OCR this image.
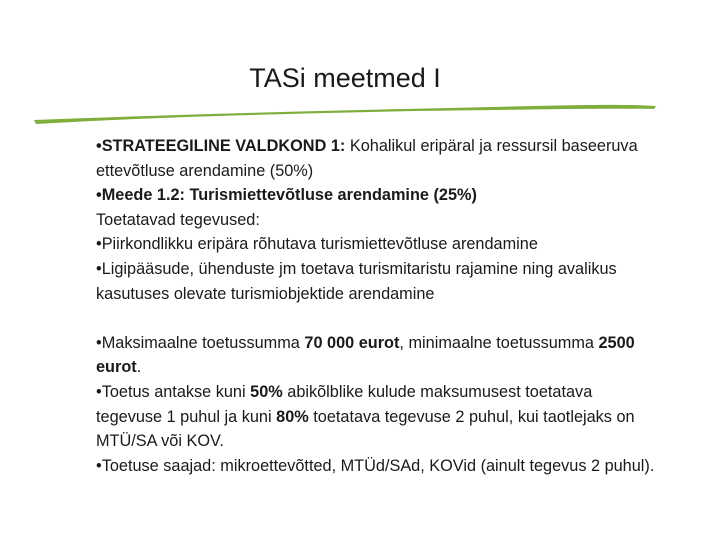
TASi meetmed I

•STRATEEGILINE VALDKOND 1: Kohalikul eripäral ja ressursil baseeruva ettevõtluse arendamine (50%)

•Meede 1.2: Turismiettevõtluse arendamine (25%)

Toetatavad tegevused:

•Piirkondlikku eripära rõhutava turismiettevõtluse arendamine

•Ligipääsude, ühenduste jm toetava turismitaristu rajamine ning avalikus kasutuses olevate turismiobjektide arendamine

•Maksimaalne toetussumma 70 000 eurot, minimaalne toetussumma 2500 eurot.

•Toetus antakse kuni 50% abikõlblike kulude maksumusest toetatava tegevuse 1 puhul ja kuni 80% toetatava tegevuse 2 puhul, kui taotlejaks on MTÜ/SA või KOV.

•Toetuse saajad: mikroettevõtted, MTÜd/SAd, KOVid (ainult tegevus 2 puhul).
